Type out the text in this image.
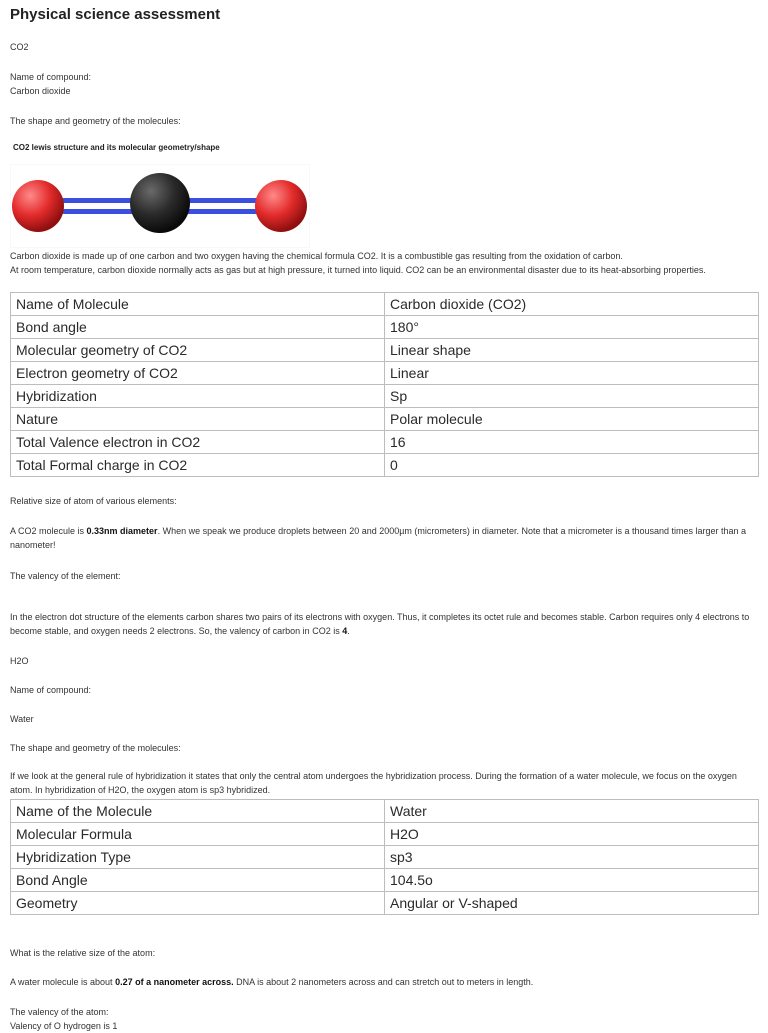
Physical science assessment
CO2
Name of compound:
Carbon dioxide
The shape and geometry of the molecules:
CO2 lewis structure and its molecular geometry/shape
Carbon dioxide is made up of one carbon and two oxygen having the chemical formula CO2. It is a combustible gas resulting from the oxidation of carbon.
At room temperature, carbon dioxide normally acts as gas but at high pressure, it turned into liquid. CO2 can be an environmental disaster due to its heat-absorbing properties.
Name of Molecule	Carbon dioxide (CO2)
Bond angle	180°
Molecular geometry of CO2	Linear shape
Electron geometry of CO2	Linear
Hybridization	Sp
Nature	Polar molecule
Total Valence electron in CO2	16
Total Formal charge in CO2	0
Relative size of atom of various elements:
A CO2 molecule is 0.33nm diameter. When we speak we produce droplets between 20 and 2000µm (micrometers) in diameter. Note that a micrometer is a thousand times larger than a nanometer!
The valency of the element:
In the electron dot structure of the elements carbon shares two pairs of its electrons with oxygen. Thus, it completes its octet rule and becomes stable. Carbon requires only 4 electrons to become stable, and oxygen needs 2 electrons. So, the valency of carbon in CO2 is 4.
H2O
Name of compound:
Water
The shape and geometry of the molecules:
If we look at the general rule of hybridization it states that only the central atom undergoes the hybridization process. During the formation of a water molecule, we focus on the oxygen atom. In hybridization of H2O, the oxygen atom is sp3 hybridized.
Name of the Molecule	Water
Molecular Formula	H2O
Hybridization Type	sp3
Bond Angle	104.5o
Geometry	Angular or V-shaped
What is the relative size of the atom:
A water molecule is about 0.27 of a nanometer across. DNA is about 2 nanometers across and can stretch out to meters in length.
The valency of the atom:
Valency of O hydrogen is 1
